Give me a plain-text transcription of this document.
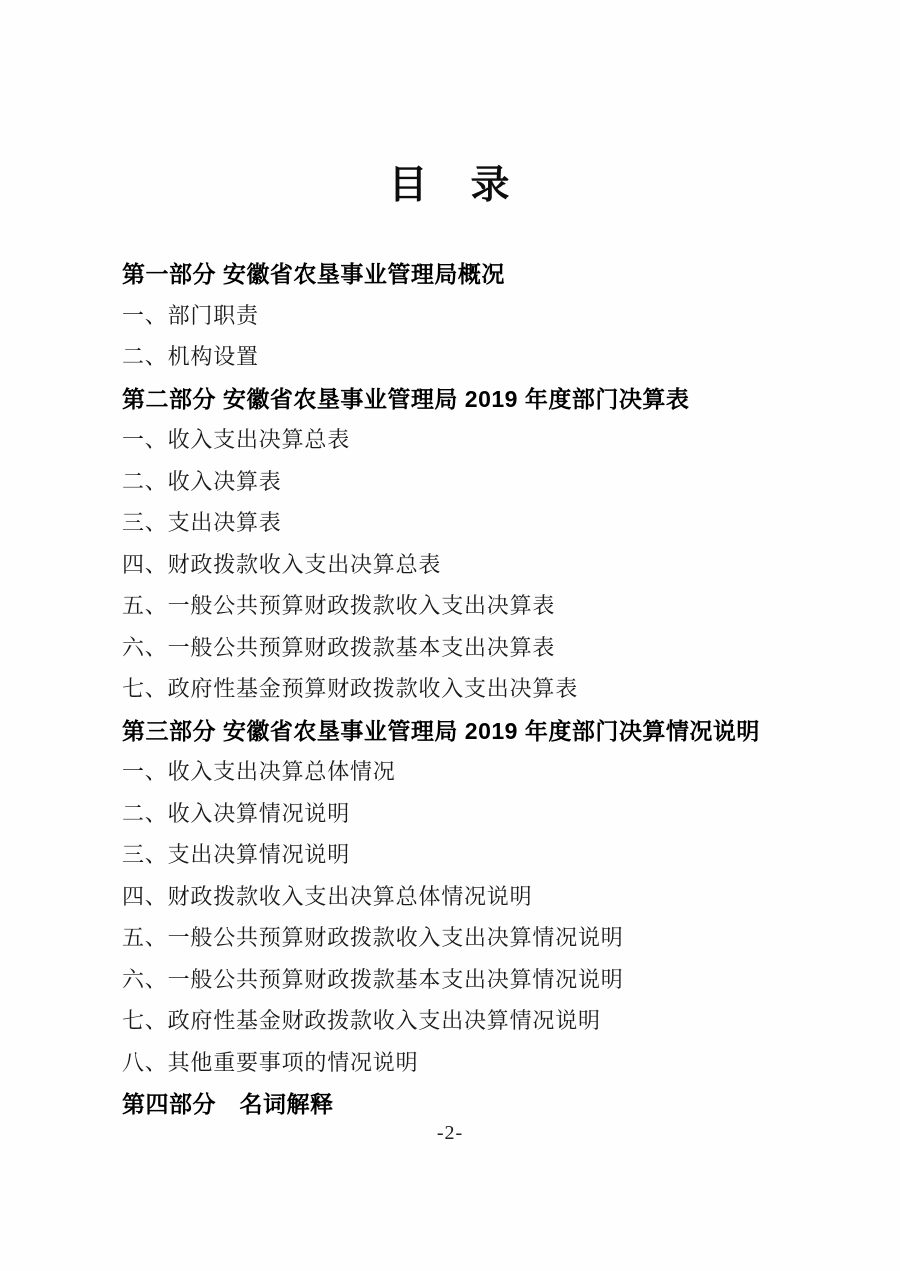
目　录
第一部分 安徽省农垦事业管理局概况
一、部门职责
二、机构设置
第二部分 安徽省农垦事业管理局 2019 年度部门决算表
一、收入支出决算总表
二、收入决算表
三、支出决算表
四、财政拨款收入支出决算总表
五、一般公共预算财政拨款收入支出决算表
六、一般公共预算财政拨款基本支出决算表
七、政府性基金预算财政拨款收入支出决算表
第三部分 安徽省农垦事业管理局 2019 年度部门决算情况说明
一、收入支出决算总体情况
二、收入决算情况说明
三、支出决算情况说明
四、财政拨款收入支出决算总体情况说明
五、一般公共预算财政拨款收入支出决算情况说明
六、一般公共预算财政拨款基本支出决算情况说明
七、政府性基金财政拨款收入支出决算情况说明
八、其他重要事项的情况说明
第四部分　名词解释
-2-
